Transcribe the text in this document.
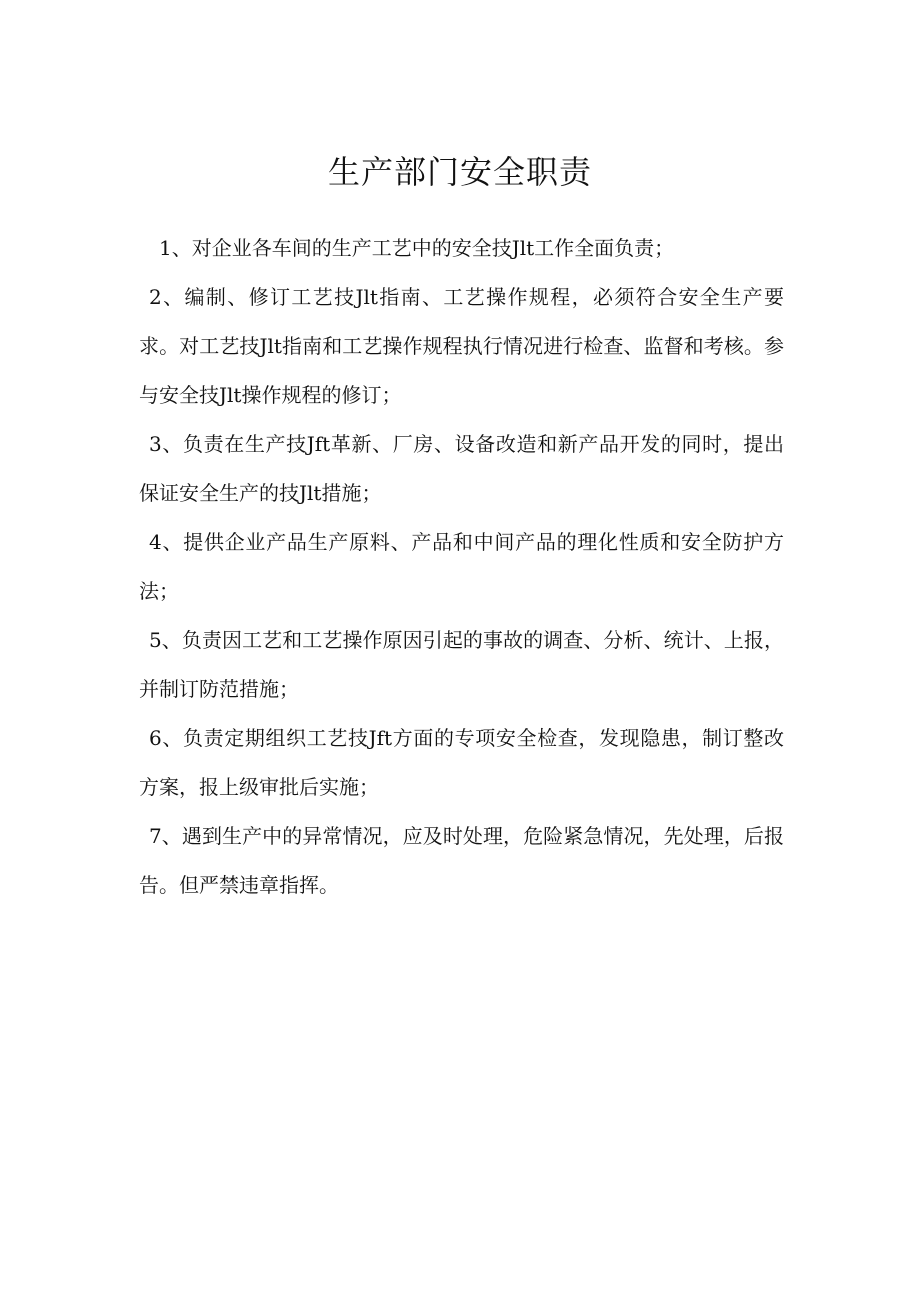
生产部门安全职责

1、对企业各车间的生产工艺中的安全技Jlt工作全面负责；

2、编制、修订工艺技Jlt指南、工艺操作规程，必须符合安全生产要求。对工艺技Jlt指南和工艺操作规程执行情况进行检查、监督和考核。参与安全技Jlt操作规程的修订；

3、负责在生产技Jft革新、厂房、设备改造和新产品开发的同时，提出保证安全生产的技Jlt措施；

4、提供企业产品生产原料、产品和中间产品的理化性质和安全防护方法；

5、负责因工艺和工艺操作原因引起的事故的调查、分析、统计、上报，并制订防范措施；

6、负责定期组织工艺技Jft方面的专项安全检查，发现隐患，制订整改方案，报上级审批后实施；

7、遇到生产中的异常情况，应及时处理，危险紧急情况，先处理，后报告。但严禁违章指挥。
